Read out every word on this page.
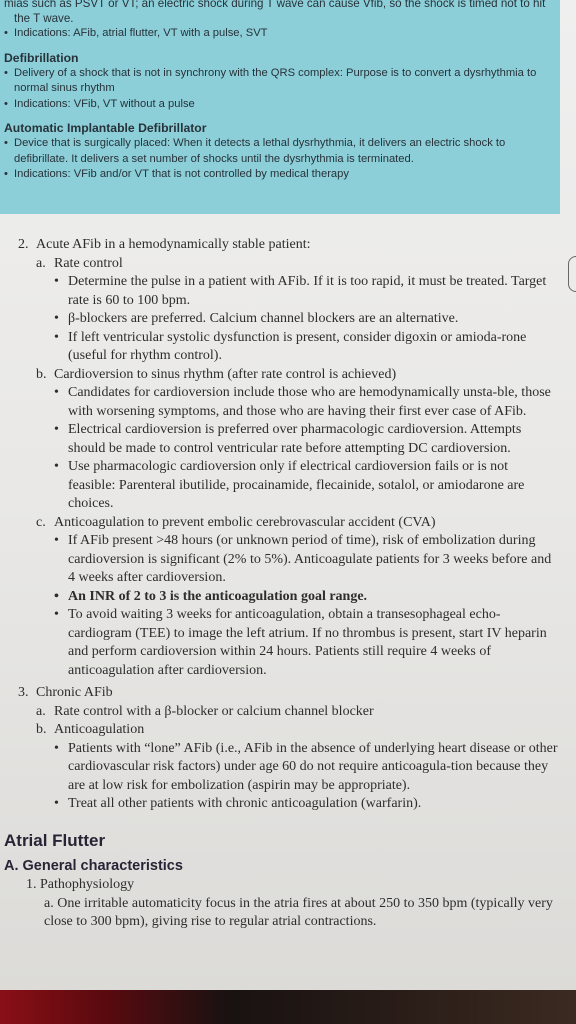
mias such as PSVT or VT; an electric shock during T wave can cause Vfib, so the shock is timed not to hit
the T wave.
• Indications: AFib, atrial flutter, VT with a pulse, SVT
Defibrillation
• Delivery of a shock that is not in synchrony with the QRS complex: Purpose is to convert a dysrhythmia to normal sinus rhythm
• Indications: VFib, VT without a pulse
Automatic Implantable Defibrillator
• Device that is surgically placed: When it detects a lethal dysrhythmia, it delivers an electric shock to defibrillate. It delivers a set number of shocks until the dysrhythmia is terminated.
• Indications: VFib and/or VT that is not controlled by medical therapy
2. Acute AFib in a hemodynamically stable patient:
a. Rate control
• Determine the pulse in a patient with AFib. If it is too rapid, it must be treated. Target rate is 60 to 100 bpm.
• β-blockers are preferred. Calcium channel blockers are an alternative.
• If left ventricular systolic dysfunction is present, consider digoxin or amioda-rone (useful for rhythm control).
b. Cardioversion to sinus rhythm (after rate control is achieved)
• Candidates for cardioversion include those who are hemodynamically unsta-ble, those with worsening symptoms, and those who are having their first ever case of AFib.
• Electrical cardioversion is preferred over pharmacologic cardioversion. Attempts should be made to control ventricular rate before attempting DC cardioversion.
• Use pharmacologic cardioversion only if electrical cardioversion fails or is not feasible: Parenteral ibutilide, procainamide, flecainide, sotalol, or amiodarone are choices.
c. Anticoagulation to prevent embolic cerebrovascular accident (CVA)
• If AFib present >48 hours (or unknown period of time), risk of embolization during cardioversion is significant (2% to 5%). Anticoagulate patients for 3 weeks before and 4 weeks after cardioversion.
• An INR of 2 to 3 is the anticoagulation goal range.
• To avoid waiting 3 weeks for anticoagulation, obtain a transesophageal echo-cardiogram (TEE) to image the left atrium. If no thrombus is present, start IV heparin and perform cardioversion within 24 hours. Patients still require 4 weeks of anticoagulation after cardioversion.
3. Chronic AFib
a. Rate control with a β-blocker or calcium channel blocker
b. Anticoagulation
• Patients with “lone” AFib (i.e., AFib in the absence of underlying heart disease or other cardiovascular risk factors) under age 60 do not require anticoagula-tion because they are at low risk for embolization (aspirin may be appropriate).
• Treat all other patients with chronic anticoagulation (warfarin).
Atrial Flutter
A. General characteristics
1. Pathophysiology
a. One irritable automaticity focus in the atria fires at about 250 to 350 bpm (typically very close to 300 bpm), giving rise to regular atrial contractions.
